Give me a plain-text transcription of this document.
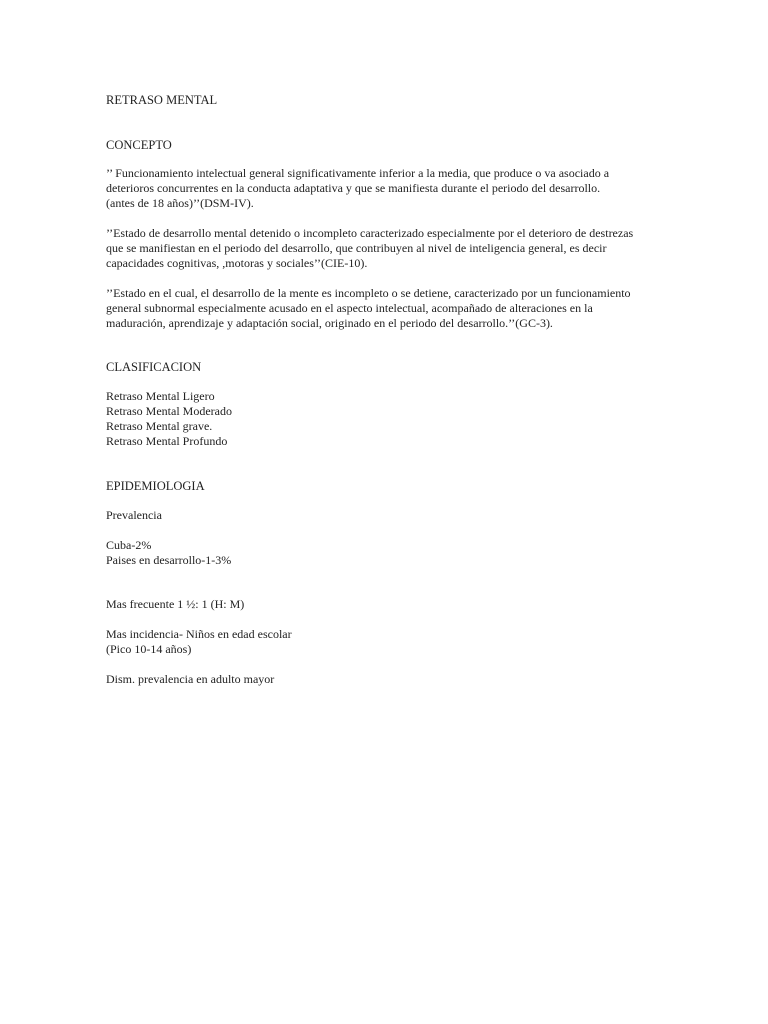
RETRASO MENTAL

CONCEPTO

’’ Funcionamiento intelectual general significativamente inferior a la media, que produce o va asociado a
deterioros concurrentes en la conducta adaptativa y que se manifiesta durante el periodo del desarrollo.
(antes de 18 años)’’(DSM-IV).

’’Estado de desarrollo mental detenido o incompleto caracterizado especialmente por el deterioro de destrezas
que se manifiestan en el periodo del desarrollo, que contribuyen al nivel de inteligencia general, es decir
capacidades cognitivas, ,motoras y sociales’’(CIE-10).

’’Estado en el cual, el desarrollo de la mente es incompleto o se detiene, caracterizado por un funcionamiento
general subnormal especialmente acusado en el aspecto intelectual, acompañado de alteraciones en la
maduración, aprendizaje y adaptación social, originado en el periodo del desarrollo.’’(GC-3).

CLASIFICACION

Retraso Mental Ligero
Retraso Mental Moderado
Retraso Mental grave.
Retraso Mental Profundo

EPIDEMIOLOGIA

Prevalencia

Cuba-2%
Paises en desarrollo-1-3%

Mas frecuente 1 ½: 1 (H: M)

Mas incidencia- Niños en edad escolar
(Pico 10-14 años)

Dism. prevalencia en adulto mayor
